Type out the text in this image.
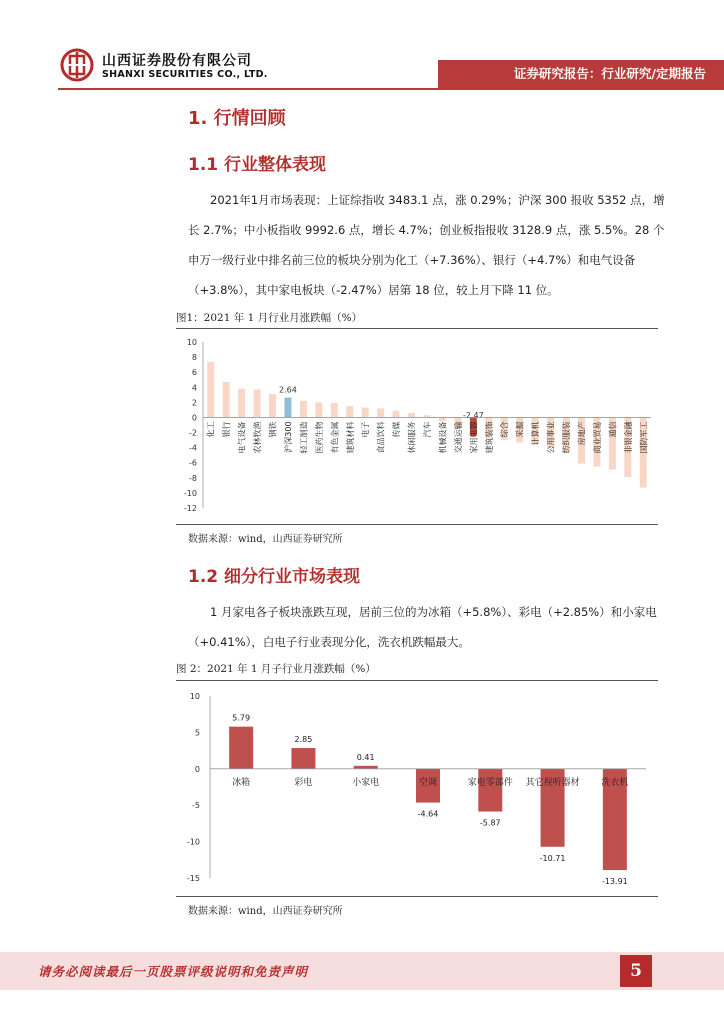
山西证券股份有限公司
SHANXI SECURITIES CO., LTD.	证券研究报告：行业研究/定期报告
1. 行情回顾
1.1 行业整体表现
2021年1月市场表现：上证综指收 3483.1 点，涨 0.29%；沪深 300 报收 5352 点，增长 2.7%；中小板指收 9992.6 点，增长 4.7%；创业板指报收 3128.9 点，涨 5.5%。28 个申万一级行业中排名前三位的板块分别为化工（+7.36%）、银行（+4.7%）和电气设备（+3.8%），其中家电板块（-2.47%）居第 18 位，较上月下降 11 位。
图1：2021 年 1 月行业月涨跌幅（%）
10
8
6
4
2
0
-2
-4
-6
-8
-10
-12
化工 银行 电气设备 农林牧渔 钢铁
2.64
沪深300 轻工制造 医药生物 有色金属 建筑材料 电子 食品饮料 传媒 休闲服务 汽车 机械设备 交通运输
-2.47
家用电器 建筑装饰 综合 采掘 计算机 公用事业 纺织服装 房地产 商业贸易 通信 非银金融 国防军工
数据来源：wind，山西证券研究所
1.2 细分行业市场表现
1 月家电各子板块涨跌互现，居前三位的为冰箱（+5.8%）、彩电（+2.85%）和小家电（+0.41%），白电子行业表现分化，洗衣机跌幅最大。
图 2：2021 年 1 月子行业月涨跌幅（%）
10
5
0
-5
-10
-15
5.79
冰箱
2.85
彩电
0.41
小家电
-4.64
空调
-5.87
家电零部件
-10.71
其它视听器材
-13.91
洗衣机
数据来源：wind，山西证券研究所
请务必阅读最后一页股票评级说明和免责声明	5
